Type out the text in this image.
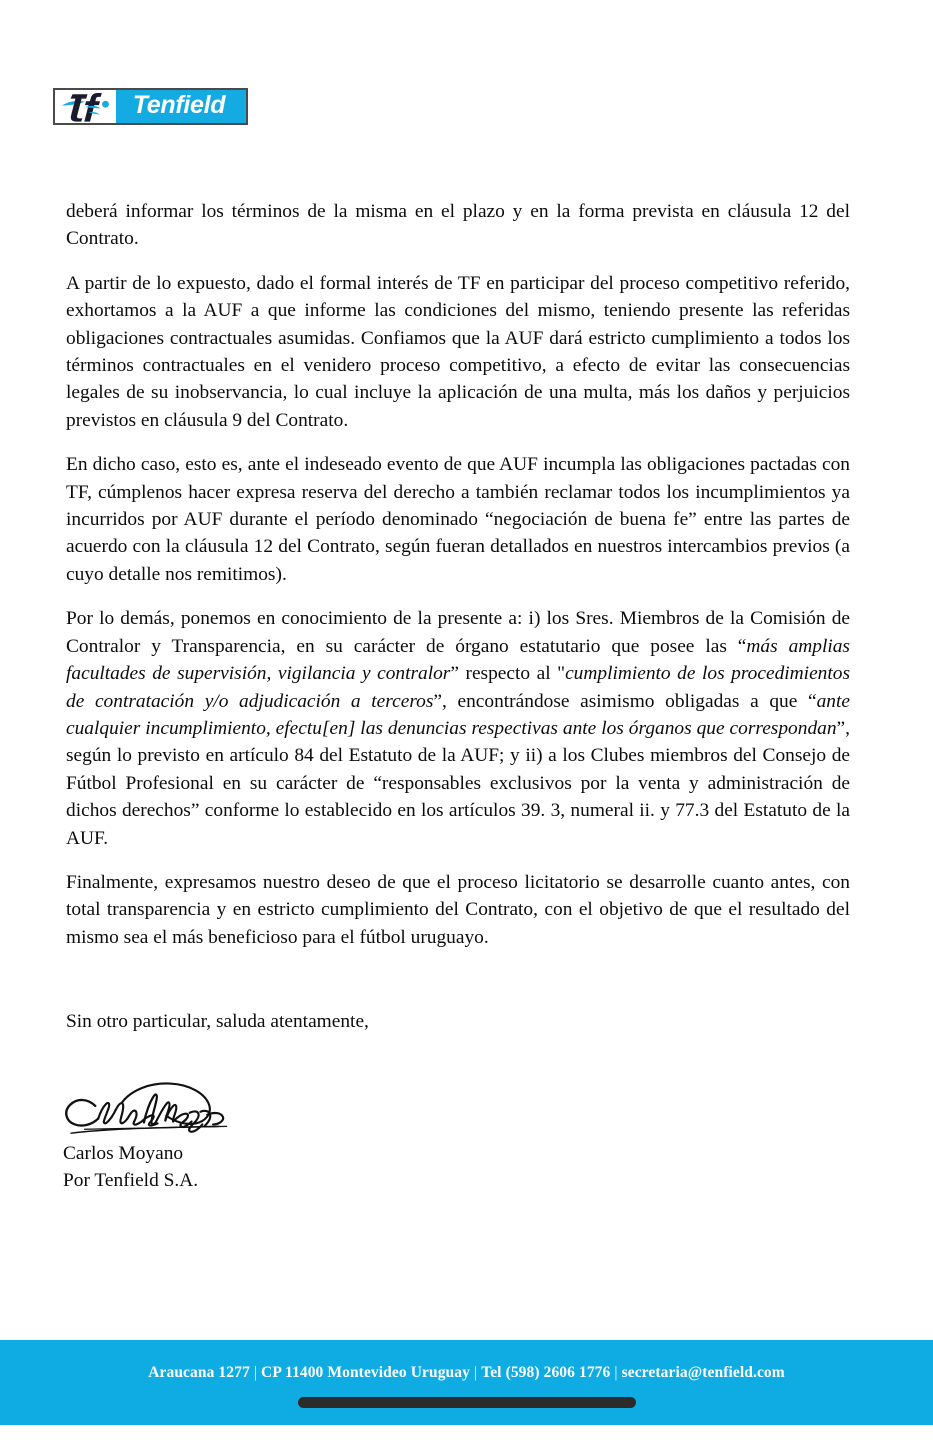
Tenfield

deberá informar los términos de la misma en el plazo y en la forma prevista en cláusula 12 del Contrato.

A partir de lo expuesto, dado el formal interés de TF en participar del proceso competitivo referido, exhortamos a la AUF a que informe las condiciones del mismo, teniendo presente las referidas obligaciones contractuales asumidas. Confiamos que la AUF dará estricto cumplimiento a todos los términos contractuales en el venidero proceso competitivo, a efecto de evitar las consecuencias legales de su inobservancia, lo cual incluye la aplicación de una multa, más los daños y perjuicios previstos en cláusula 9 del Contrato.

En dicho caso, esto es, ante el indeseado evento de que AUF incumpla las obligaciones pactadas con TF, cúmplenos hacer expresa reserva del derecho a también reclamar todos los incumplimientos ya incurridos por AUF durante el período denominado “negociación de buena fe” entre las partes de acuerdo con la cláusula 12 del Contrato, según fueran detallados en nuestros intercambios previos (a cuyo detalle nos remitimos).

Por lo demás, ponemos en conocimiento de la presente a: i) los Sres. Miembros de la Comisión de Contralor y Transparencia, en su carácter de órgano estatutario que posee las “más amplias facultades de supervisión, vigilancia y contralor” respecto al "cumplimiento de los procedimientos de contratación y/o adjudicación a terceros”, encontrándose asimismo obligadas a que “ante cualquier incumplimiento, efectu[en] las denuncias respectivas ante los órganos que correspondan”, según lo previsto en artículo 84 del Estatuto de la AUF; y ii) a los Clubes miembros del Consejo de Fútbol Profesional en su carácter de “responsables exclusivos por la venta y administración de dichos derechos” conforme lo establecido en los artículos 39. 3, numeral ii. y 77.3 del Estatuto de la AUF.

Finalmente, expresamos nuestro deseo de que el proceso licitatorio se desarrolle cuanto antes, con total transparencia y en estricto cumplimiento del Contrato, con el objetivo de que el resultado del mismo sea el más beneficioso para el fútbol uruguayo.

Sin otro particular, saluda atentamente,

Carlos Moyano

Por Tenfield S.A.

Araucana 1277 | CP 11400 Montevideo Uruguay | Tel (598) 2606 1776 | secretaria@tenfield.com
